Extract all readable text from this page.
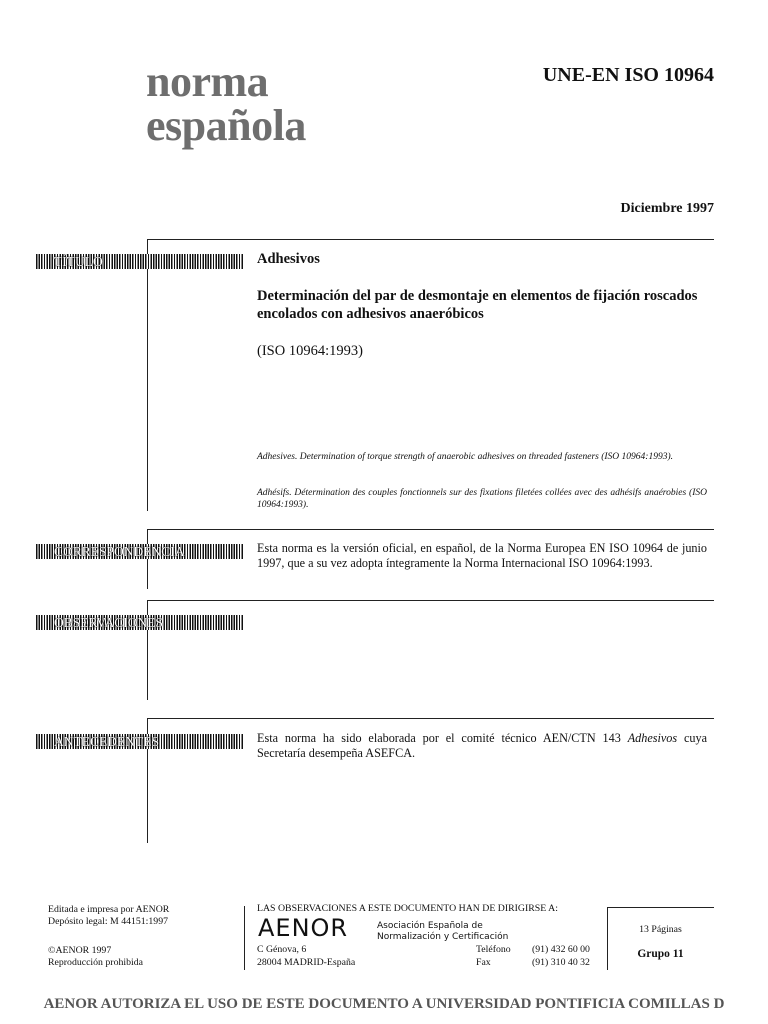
norma
española
UNE-EN ISO 10964
Diciembre 1997
TÍTULO	Adhesivos
Determinación del par de desmontaje en elementos de fijación roscados encolados con adhesivos anaeróbicos
(ISO 10964:1993)
Adhesives. Determination of torque strength of anaerobic adhesives on threaded fasteners (ISO 10964:1993).
Adhésifs. Détermination des couples fonctionnels sur des fixations filetées collées avec des adhésifs anaérobies (ISO 10964:1993).
CORRESPONDENCIA	Esta norma es la versión oficial, en español, de la Norma Europea EN ISO 10964 de junio 1997, que a su vez adopta íntegramente la Norma Internacional ISO 10964:1993.
OBSERVACIONES
ANTECEDENTES	Esta norma ha sido elaborada por el comité técnico AEN/CTN 143 Adhesivos cuya Secretaría desempeña ASEFCA.
Editada e impresa por AENOR
Depósito legal: M 44151:1997
©AENOR 1997
Reproducción prohibida
LAS OBSERVACIONES A ESTE DOCUMENTO HAN DE DIRIGIRSE A:
AENOR	Asociación Española de
Normalización y Certificación
C Génova, 6
28004 MADRID-España
Teléfono (91) 432 60 00
Fax	(91) 310 40 32
13 Páginas
Grupo 11
AENOR AUTORIZA EL USO DE ESTE DOCUMENTO A UNIVERSIDAD PONTIFICIA COMILLAS D
